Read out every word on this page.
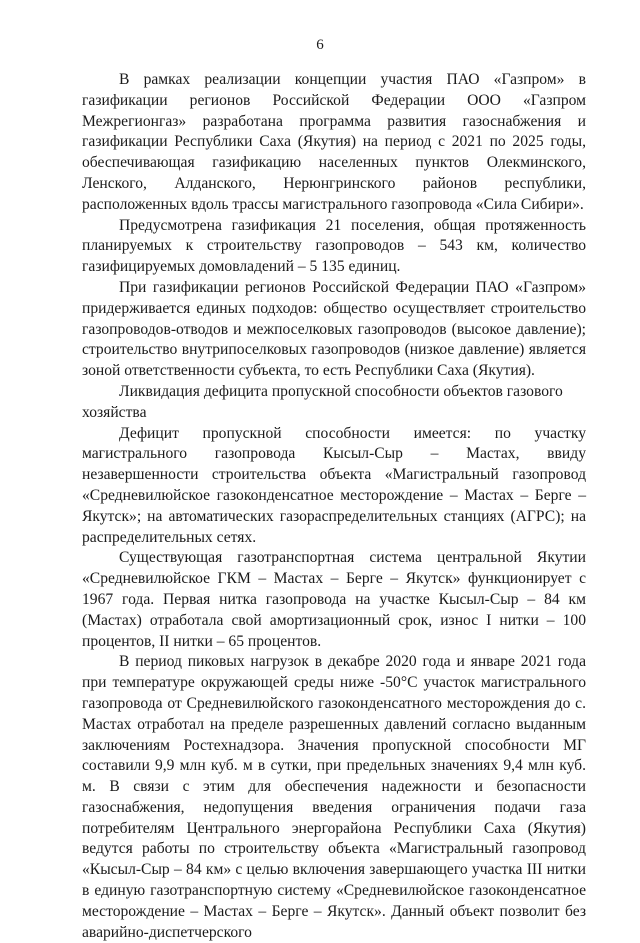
6

В рамках реализации концепции участия ПАО «Газпром» в газификации регионов Российской Федерации ООО «Газпром Межрегионгаз» разработана программа развития газоснабжения и газификации Республики Саха (Якутия) на период с 2021 по 2025 годы, обеспечивающая газификацию населенных пунктов Олекминского, Ленского, Алданского, Нерюнгринского районов республики, расположенных вдоль трассы магистрального газопровода «Сила Сибири».

Предусмотрена газификация 21 поселения, общая протяженность планируемых к строительству газопроводов – 543 км, количество газифицируемых домовладений – 5 135 единиц.

При газификации регионов Российской Федерации ПАО «Газпром» придерживается единых подходов: общество осуществляет строительство газопроводов-отводов и межпоселковых газопроводов (высокое давление); строительство внутрипоселковых газопроводов (низкое давление) является зоной ответственности субъекта, то есть Республики Саха (Якутия).

Ликвидация дефицита пропускной способности объектов газового хозяйства

Дефицит пропускной способности имеется: по участку магистрального газопровода Кысыл-Сыр – Мастах, ввиду незавершенности строительства объекта «Магистральный газопровод «Средневилюйское газоконденсатное месторождение – Мастах – Берге – Якутск»; на автоматических газораспределительных станциях (АГРС); на распределительных сетях.

Существующая газотранспортная система центральной Якутии «Средневилюйское ГКМ – Мастах – Берге – Якутск» функционирует с 1967 года. Первая нитка газопровода на участке Кысыл-Сыр – 84 км (Мастах) отработала свой амортизационный срок, износ I нитки – 100 процентов, II нитки – 65 процентов.

В период пиковых нагрузок в декабре 2020 года и январе 2021 года при температуре окружающей среды ниже -50°С участок магистрального газопровода от Средневилюйского газоконденсатного месторождения до с. Мастах отработал на пределе разрешенных давлений согласно выданным заключениям Ростехнадзора. Значения пропускной способности МГ составили 9,9 млн куб. м в сутки, при предельных значениях 9,4 млн куб. м. В связи с этим для обеспечения надежности и безопасности газоснабжения, недопущения введения ограничения подачи газа потребителям Центрального энергорайона Республики Саха (Якутия) ведутся работы по строительству объекта «Магистральный газопровод «Кысыл-Сыр – 84 км» с целью включения завершающего участка III нитки в единую газотранспортную систему «Средневилюйское газоконденсатное месторождение – Мастах – Берге – Якутск». Данный объект позволит без аварийно-диспетчерского
